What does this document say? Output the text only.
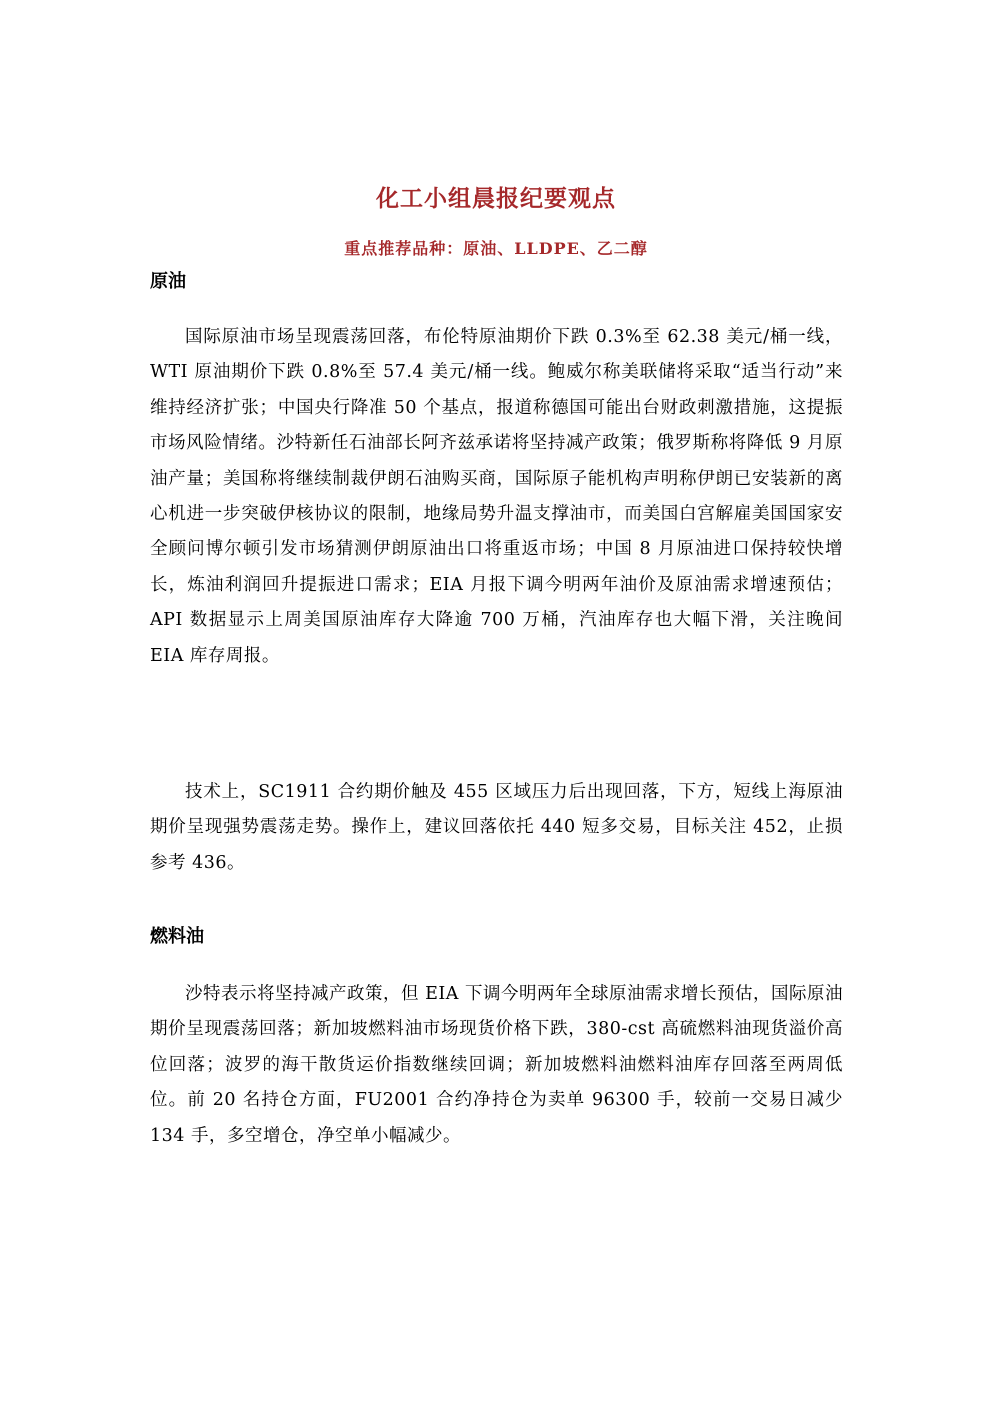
化工小组晨报纪要观点
重点推荐品种：原油、LLDPE、乙二醇
原油

国际原油市场呈现震荡回落，布伦特原油期价下跌 0.3%至 62.38 美元/桶一线，WTI 原油期价下跌 0.8%至 57.4 美元/桶一线。鲍威尔称美联储将采取“适当行动”来维持经济扩张；中国央行降准 50 个基点，报道称德国可能出台财政刺激措施，这提振市场风险情绪。沙特新任石油部长阿齐兹承诺将坚持减产政策；俄罗斯称将降低 9 月原油产量；美国称将继续制裁伊朗石油购买商，国际原子能机构声明称伊朗已安装新的离心机进一步突破伊核协议的限制，地缘局势升温支撑油市，而美国白宫解雇美国国家安全顾问博尔顿引发市场猜测伊朗原油出口将重返市场；中国 8 月原油进口保持较快增长，炼油利润回升提振进口需求；EIA 月报下调今明两年油价及原油需求增速预估；API 数据显示上周美国原油库存大降逾 700 万桶，汽油库存也大幅下滑，关注晚间 EIA 库存周报。

技术上，SC1911 合约期价触及 455 区域压力后出现回落，下方，短线上海原油期价呈现强势震荡走势。操作上，建议回落依托 440 短多交易，目标关注 452，止损参考 436。

燃料油

沙特表示将坚持减产政策，但 EIA 下调今明两年全球原油需求增长预估，国际原油期价呈现震荡回落；新加坡燃料油市场现货价格下跌，380-cst 高硫燃料油现货溢价高位回落；波罗的海干散货运价指数继续回调；新加坡燃料油燃料油库存回落至两周低位。前 20 名持仓方面，FU2001 合约净持仓为卖单 96300 手，较前一交易日减少 134 手，多空增仓，净空单小幅减少。
